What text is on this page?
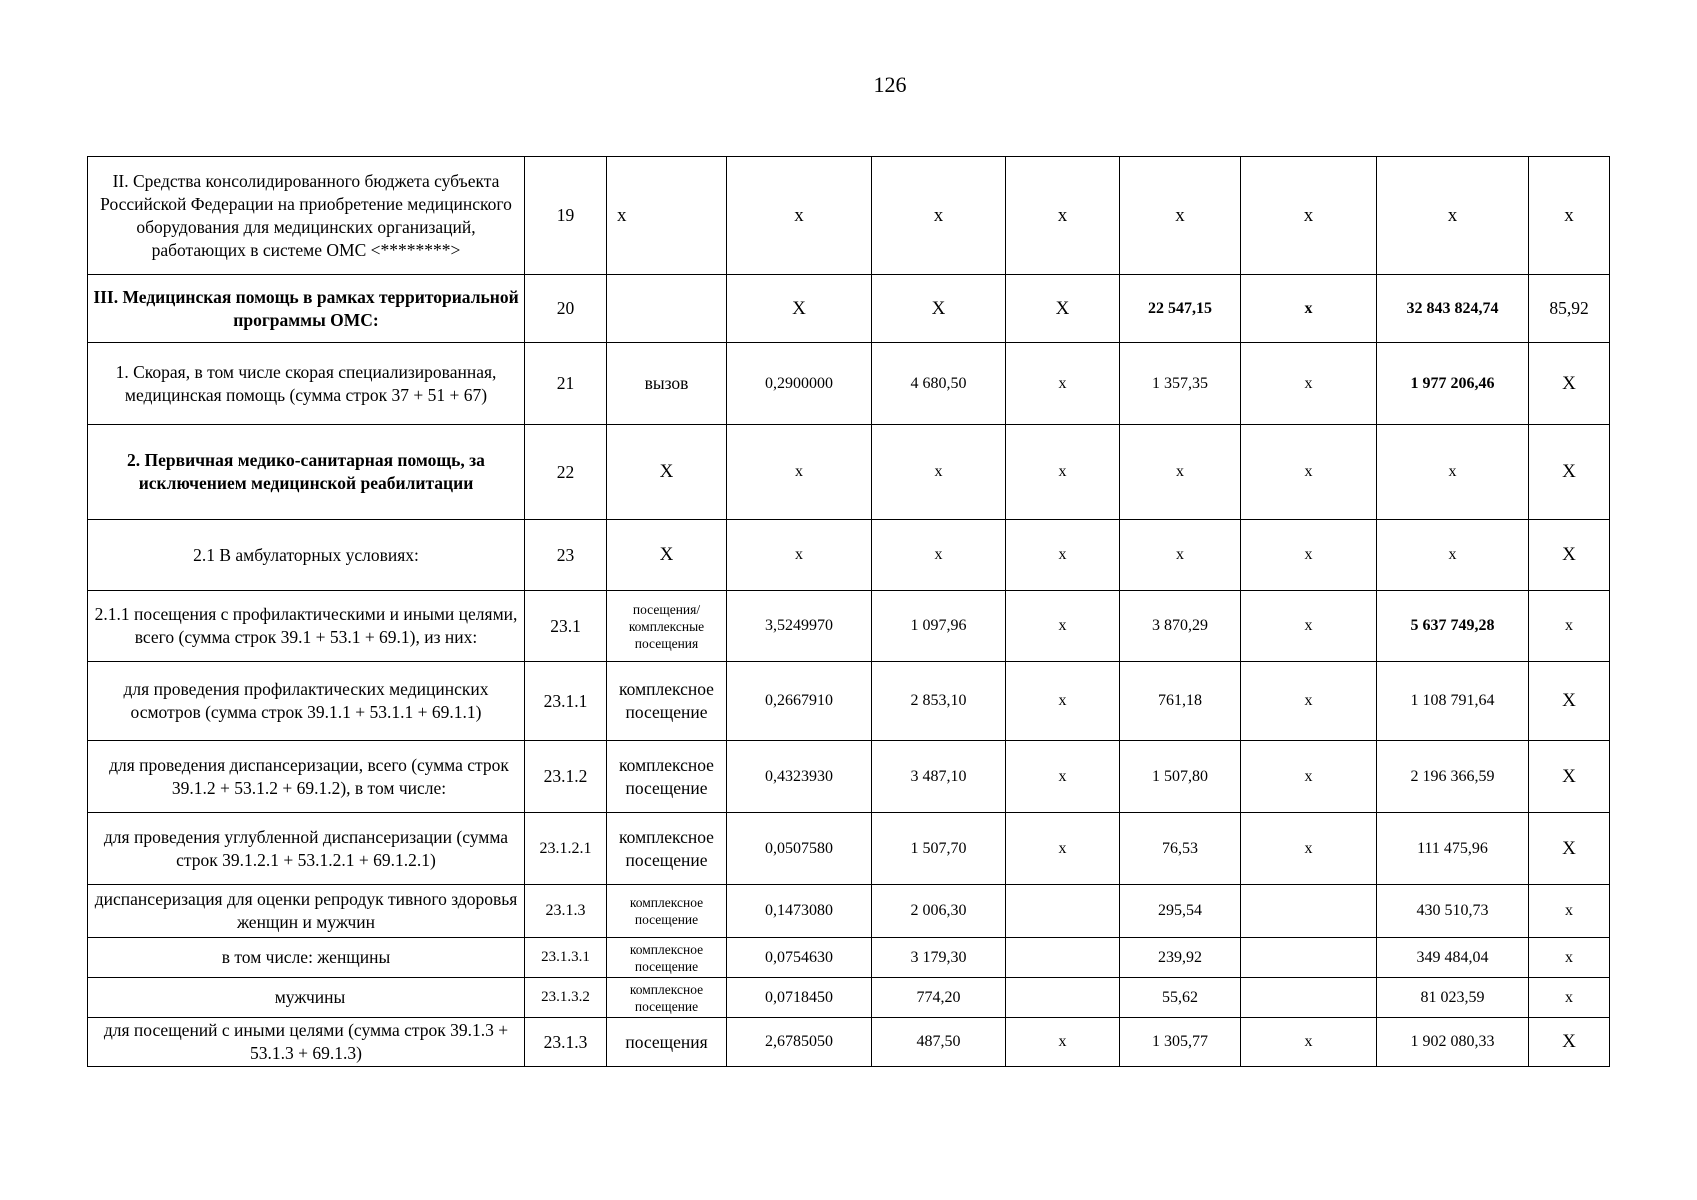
126
II. Средства консолидированного бюджета субъекта Российской Федерации на приобретение медицинского оборудования для медицинских организаций, работающих в системе ОМС <********>	19	x	x	x	x	x	x	x	x
III. Медицинская помощь в рамках территориальной программы ОМС:	20		X	X	X	22 547,15	x	32 843 824,74	85,92
1. Скорая, в том числе скорая специализированная, медицинская помощь (сумма строк 37 + 51 + 67)	21	вызов	0,2900000	4 680,50	x	1 357,35	x	1 977 206,46	X
2. Первичная медико-санитарная помощь, за исключением медицинской реабилитации	22	X	x	x	x	x	x	x	X
2.1 В амбулаторных условиях:	23	X	x	x	x	x	x	x	X
2.1.1 посещения с профилактическими и иными целями, всего (сумма строк 39.1 + 53.1 + 69.1), из них:	23.1	посещения/комплексные посещения	3,5249970	1 097,96	x	3 870,29	x	5 637 749,28	x
для проведения профилактических медицинских осмотров (сумма строк 39.1.1 + 53.1.1 + 69.1.1)	23.1.1	комплексное посещение	0,2667910	2 853,10	x	761,18	x	1 108 791,64	X
для проведения диспансеризации, всего (сумма строк 39.1.2 + 53.1.2 + 69.1.2), в том числе:	23.1.2	комплексное посещение	0,4323930	3 487,10	x	1 507,80	x	2 196 366,59	X
для проведения углубленной диспансеризации (сумма строк 39.1.2.1 + 53.1.2.1 + 69.1.2.1)	23.1.2.1	комплексное посещение	0,0507580	1 507,70	x	76,53	x	111 475,96	X
диспансеризация для оценки репродук тивного здоровья женщин и мужчин	23.1.3	комплексное посещение	0,1473080	2 006,30		295,54		430 510,73	x
в том числе: женщины	23.1.3.1	комплексное посещение	0,0754630	3 179,30		239,92		349 484,04	x
мужчины	23.1.3.2	комплексное посещение	0,0718450	774,20		55,62		81 023,59	x
для посещений с иными целями (сумма строк 39.1.3 + 53.1.3 + 69.1.3)	23.1.3	посещения	2,6785050	487,50	x	1 305,77	x	1 902 080,33	X
